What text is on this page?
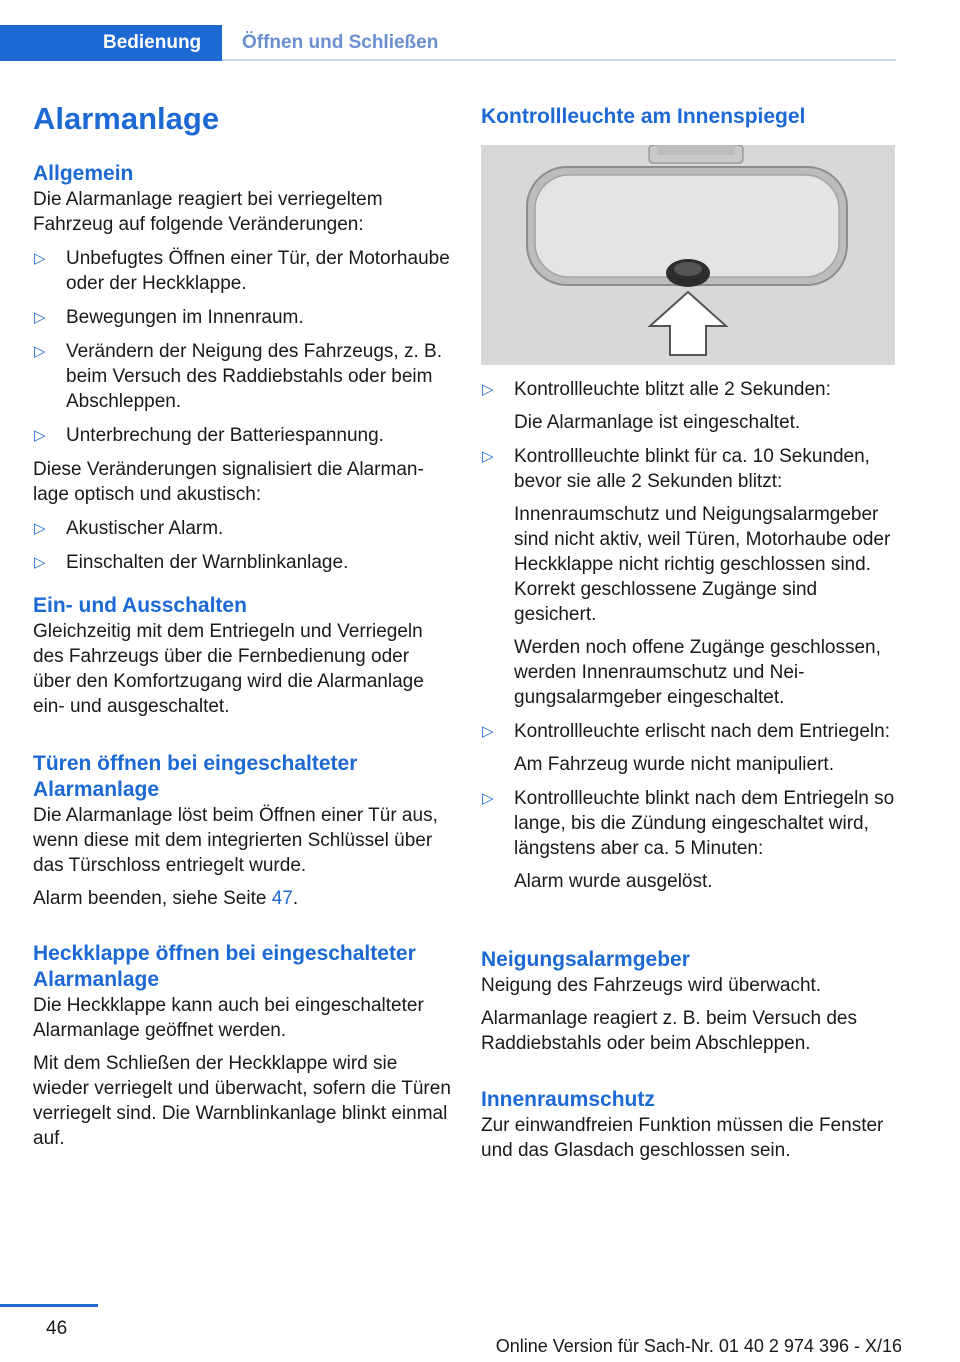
Bedienung	Öffnen und Schließen
Alarmanlage
Allgemein

Die Alarmanlage reagiert bei verriegeltem Fahrzeug auf folgende Veränderungen:

▷ Unbefugtes Öffnen einer Tür, der Motorhaube oder der Heckklappe.
▷ Bewegungen im Innenraum.
▷ Verändern der Neigung des Fahrzeugs, z. B. beim Versuch des Raddiebstahls oder beim Abschleppen.
▷ Unterbrechung der Batteriespannung.

Diese Veränderungen signalisiert die Alarmanlage optisch und akustisch:

▷ Akustischer Alarm.
▷ Einschalten der Warnblinkanlage.
Ein- und Ausschalten

Gleichzeitig mit dem Entriegeln und Verriegeln des Fahrzeugs über die Fernbedienung oder über den Komfortzugang wird die Alarmanlage ein- und ausgeschaltet.

Türen öffnen bei eingeschalteter Alarmanlage

Die Alarmanlage löst beim Öffnen einer Tür aus, wenn diese mit dem integrierten Schlüssel über das Türschloss entriegelt wurde.

Alarm beenden, siehe Seite 47.

Heckklappe öffnen bei eingeschalteter Alarmanlage

Die Heckklappe kann auch bei eingeschalteter Alarmanlage geöffnet werden.

Mit dem Schließen der Heckklappe wird sie wieder verriegelt und überwacht, sofern die Türen verriegelt sind. Die Warnblinkanlage blinkt einmal auf.

Kontrollleuchte am Innenspiegel
▷ Kontrollleuchte blitzt alle 2 Sekunden:
Die Alarmanlage ist eingeschaltet.
▷ Kontrollleuchte blinkt für ca. 10 Sekunden, bevor sie alle 2 Sekunden blitzt:
Innenraumschutz und Neigungsalarmgeber sind nicht aktiv, weil Türen, Motorhaube oder Heckklappe nicht richtig geschlossen sind. Korrekt geschlossene Zugänge sind gesichert.
Werden noch offene Zugänge geschlossen, werden Innenraumschutz und Neigungsalarmgeber eingeschaltet.
▷ Kontrollleuchte erlischt nach dem Entriegeln:
Am Fahrzeug wurde nicht manipuliert.
▷ Kontrollleuchte blinkt nach dem Entriegeln so lange, bis die Zündung eingeschaltet wird, längstens aber ca. 5 Minuten:
Alarm wurde ausgelöst.
Neigungsalarmgeber

Neigung des Fahrzeugs wird überwacht.

Alarmanlage reagiert z. B. beim Versuch des Raddiebstahls oder beim Abschleppen.

Innenraumschutz

Zur einwandfreien Funktion müssen die Fenster und das Glasdach geschlossen sein.

46
Online Version für Sach-Nr. 01 40 2 974 396 - X/16
